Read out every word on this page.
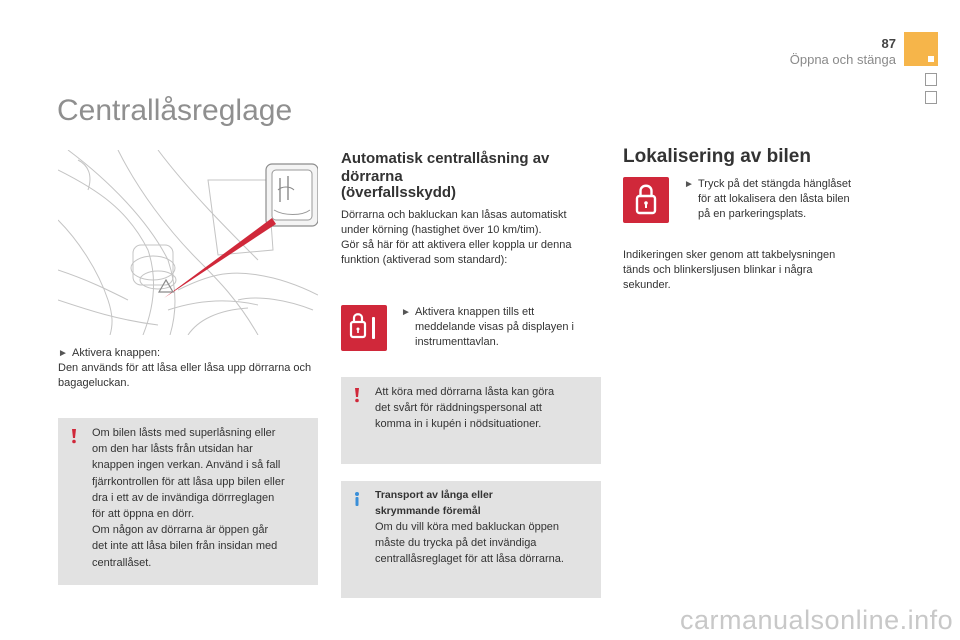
87
Öppna och stänga
Centrallåsreglage
► Aktivera knappen:
Den används för att låsa eller låsa upp dörrarna och bagageluckan.
Om bilen låsts med superlåsning eller
om den har låsts från utsidan har
knappen ingen verkan. Använd i så fall
fjärrkontrollen för att låsa upp bilen eller
dra i ett av de invändiga dörrreglagen
för att öppna en dörr.
Om någon av dörrarna är öppen går
det inte att låsa bilen från insidan med
centrallåset.
Automatisk centrallåsning av dörrarna
(överfallsskydd)
Dörrarna och bakluckan kan låsas automatiskt
under körning (hastighet över 10 km/tim).
Gör så här för att aktivera eller koppla ur denna
funktion (aktiverad som standard):
► Aktivera knappen tills ett
meddelande visas på displayen i
instrumenttavlan.
Att köra med dörrarna låsta kan göra
det svårt för räddningspersonal att
komma in i kupén i nödsituationer.
Transport av långa eller
skrymmande föremål
Om du vill köra med bakluckan öppen
måste du trycka på det invändiga
centrallåsreglaget för att låsa dörrarna.
Lokalisering av bilen
► Tryck på det stängda hänglåset
för att lokalisera den låsta bilen
på en parkeringsplats.
Indikeringen sker genom att takbelysningen
tänds och blinkersljusen blinkar i några
sekunder.
carmanualsonline.info
